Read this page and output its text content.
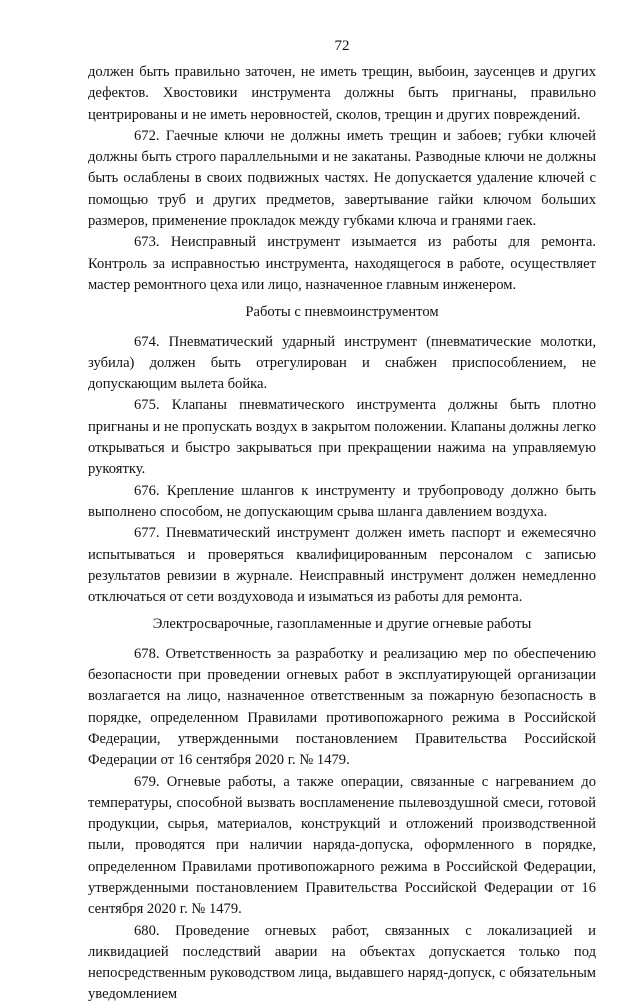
72

должен быть правильно заточен, не иметь трещин, выбоин, заусенцев и других дефектов. Хвостовики инструмента должны быть пригнаны, правильно центрированы и не иметь неровностей, сколов, трещин и других повреждений.

672. Гаечные ключи не должны иметь трещин и забоев; губки ключей должны быть строго параллельными и не закатаны. Разводные ключи не должны быть ослаблены в своих подвижных частях. Не допускается удаление ключей с помощью труб и других предметов, завертывание гайки ключом больших размеров, применение прокладок между губками ключа и гранями гаек.

673. Неисправный инструмент изымается из работы для ремонта. Контроль за исправностью инструмента, находящегося в работе, осуществляет мастер ремонтного цеха или лицо, назначенное главным инженером.

Работы с пневмоинструментом

674. Пневматический ударный инструмент (пневматические молотки, зубила) должен быть отрегулирован и снабжен приспособлением, не допускающим вылета бойка.

675. Клапаны пневматического инструмента должны быть плотно пригнаны и не пропускать воздух в закрытом положении. Клапаны должны легко открываться и быстро закрываться при прекращении нажима на управляемую рукоятку.

676. Крепление шлангов к инструменту и трубопроводу должно быть выполнено способом, не допускающим срыва шланга давлением воздуха.

677. Пневматический инструмент должен иметь паспорт и ежемесячно испытываться и проверяться квалифицированным персоналом с записью результатов ревизии в журнале. Неисправный инструмент должен немедленно отключаться от сети воздуховода и изыматься из работы для ремонта.

Электросварочные, газопламенные и другие огневые работы

678. Ответственность за разработку и реализацию мер по обеспечению безопасности при проведении огневых работ в эксплуатирующей организации возлагается на лицо, назначенное ответственным за пожарную безопасность в порядке, определенном Правилами противопожарного режима в Российской Федерации, утвержденными постановлением Правительства Российской Федерации от 16 сентября 2020 г. № 1479.

679. Огневые работы, а также операции, связанные с нагреванием до температуры, способной вызвать воспламенение пылевоздушной смеси, готовой продукции, сырья, материалов, конструкций и отложений производственной пыли, проводятся при наличии наряда-допуска, оформленного в порядке, определенном Правилами противопожарного режима в Российской Федерации, утвержденными постановлением Правительства Российской Федерации от 16 сентября 2020 г. № 1479.

680. Проведение огневых работ, связанных с локализацией и ликвидацией последствий аварии на объектах допускается только под непосредственным руководством лица, выдавшего наряд-допуск, с обязательным уведомлением
